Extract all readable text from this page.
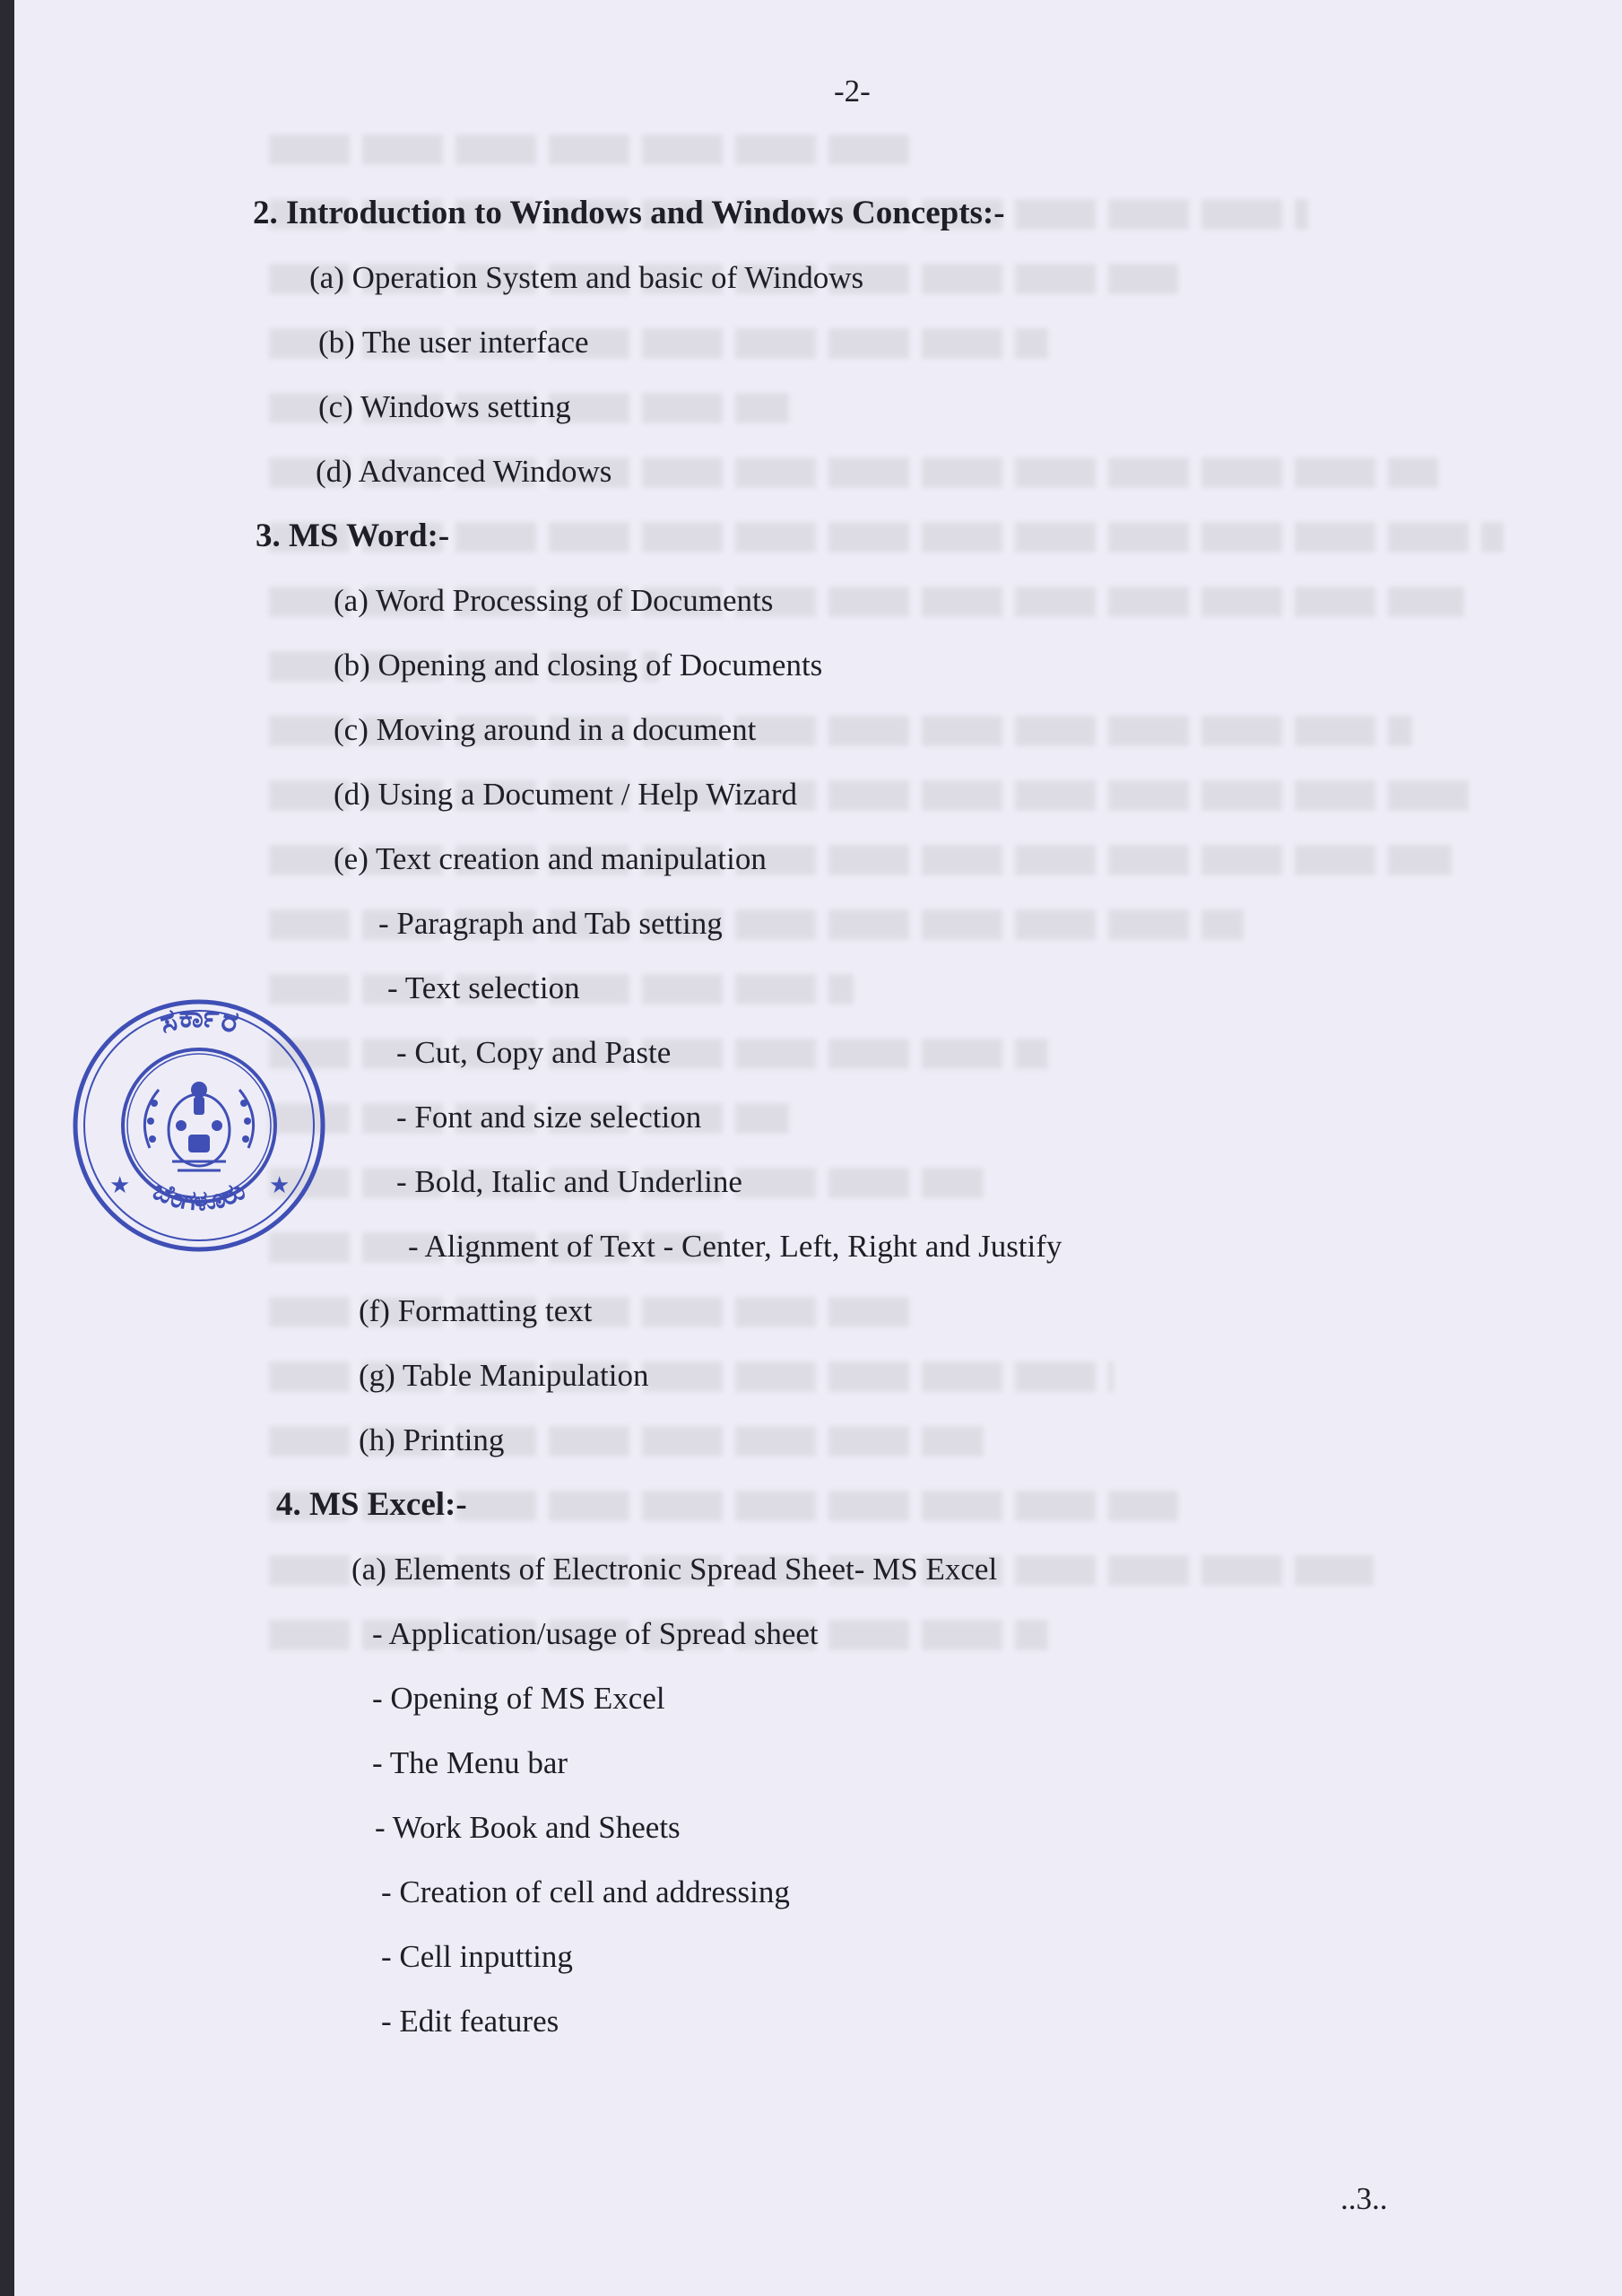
-2-
2. Introduction to Windows and Windows Concepts:-
(a) Operation System and basic of Windows
(b) The user interface
(c) Windows setting
(d) Advanced Windows
3. MS Word:-
(a) Word Processing of Documents
(b) Opening and closing of Documents
(c) Moving around in a document
(d) Using a Document / Help Wizard
(e) Text creation and manipulation
- Paragraph and Tab setting
- Text selection
- Cut, Copy and Paste
- Font and size selection
- Bold, Italic and Underline
- Alignment of Text - Center, Left, Right and Justify
(f) Formatting text
(g) Table Manipulation
(h) Printing
4. MS Excel:-
(a) Elements of Electronic Spread Sheet- MS Excel
- Application/usage of Spread sheet
- Opening of MS Excel
- The Menu bar
- Work Book and Sheets
- Creation of cell and addressing
- Cell inputting
- Edit features
..3..
ಸರ್ಕಾರ
ಬೆಂಗಳೂರು
★	★
